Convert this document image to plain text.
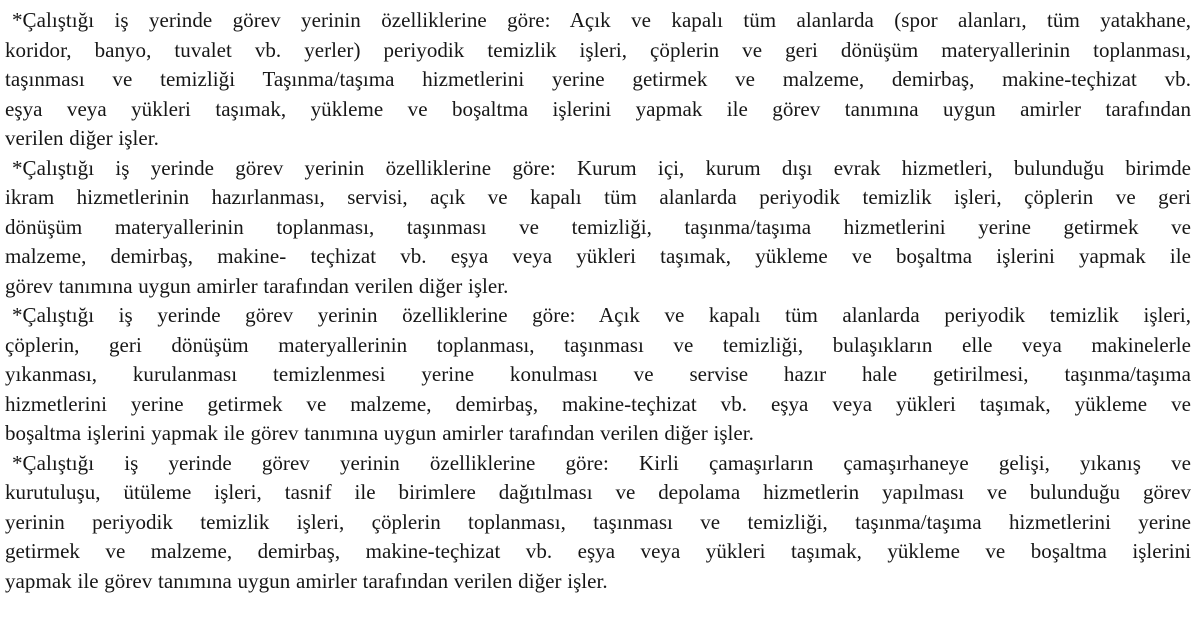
*Çalıştığı iş yerinde görev yerinin özelliklerine göre: Açık ve kapalı tüm alanlarda (spor alanları, tüm yatakhane,
koridor, banyo, tuvalet vb. yerler) periyodik temizlik işleri, çöplerin ve geri dönüşüm materyallerinin toplanması,
taşınması ve temizliği Taşınma/taşıma hizmetlerini yerine getirmek ve malzeme, demirbaş, makine-teçhizat vb.
eşya veya yükleri taşımak, yükleme ve boşaltma işlerini yapmak ile görev tanımına uygun amirler tarafından
verilen diğer işler.
*Çalıştığı iş yerinde görev yerinin özelliklerine göre: Kurum içi, kurum dışı evrak hizmetleri, bulunduğu birimde
ikram hizmetlerinin hazırlanması, servisi, açık ve kapalı tüm alanlarda periyodik temizlik işleri, çöplerin ve geri
dönüşüm materyallerinin toplanması, taşınması ve temizliği, taşınma/taşıma hizmetlerini yerine getirmek ve
malzeme, demirbaş, makine- teçhizat vb. eşya veya yükleri taşımak, yükleme ve boşaltma işlerini yapmak ile
görev tanımına uygun amirler tarafından verilen diğer işler.
*Çalıştığı iş yerinde görev yerinin özelliklerine göre: Açık ve kapalı tüm alanlarda periyodik temizlik işleri,
çöplerin, geri dönüşüm materyallerinin toplanması, taşınması ve temizliği, bulaşıkların elle veya makinelerle
yıkanması, kurulanması temizlenmesi yerine konulması ve servise hazır hale getirilmesi, taşınma/taşıma
hizmetlerini yerine getirmek ve malzeme, demirbaş, makine-teçhizat vb. eşya veya yükleri taşımak, yükleme ve
boşaltma işlerini yapmak ile görev tanımına uygun amirler tarafından verilen diğer işler.
*Çalıştığı iş yerinde görev yerinin özelliklerine göre: Kirli çamaşırların çamaşırhaneye gelişi, yıkanış ve
kurutuluşu, ütüleme işleri, tasnif ile birimlere dağıtılması ve depolama hizmetlerin yapılması ve bulunduğu görev
yerinin periyodik temizlik işleri, çöplerin toplanması, taşınması ve temizliği, taşınma/taşıma hizmetlerini yerine
getirmek ve malzeme, demirbaş, makine-teçhizat vb. eşya veya yükleri taşımak, yükleme ve boşaltma işlerini
yapmak ile görev tanımına uygun amirler tarafından verilen diğer işler.
